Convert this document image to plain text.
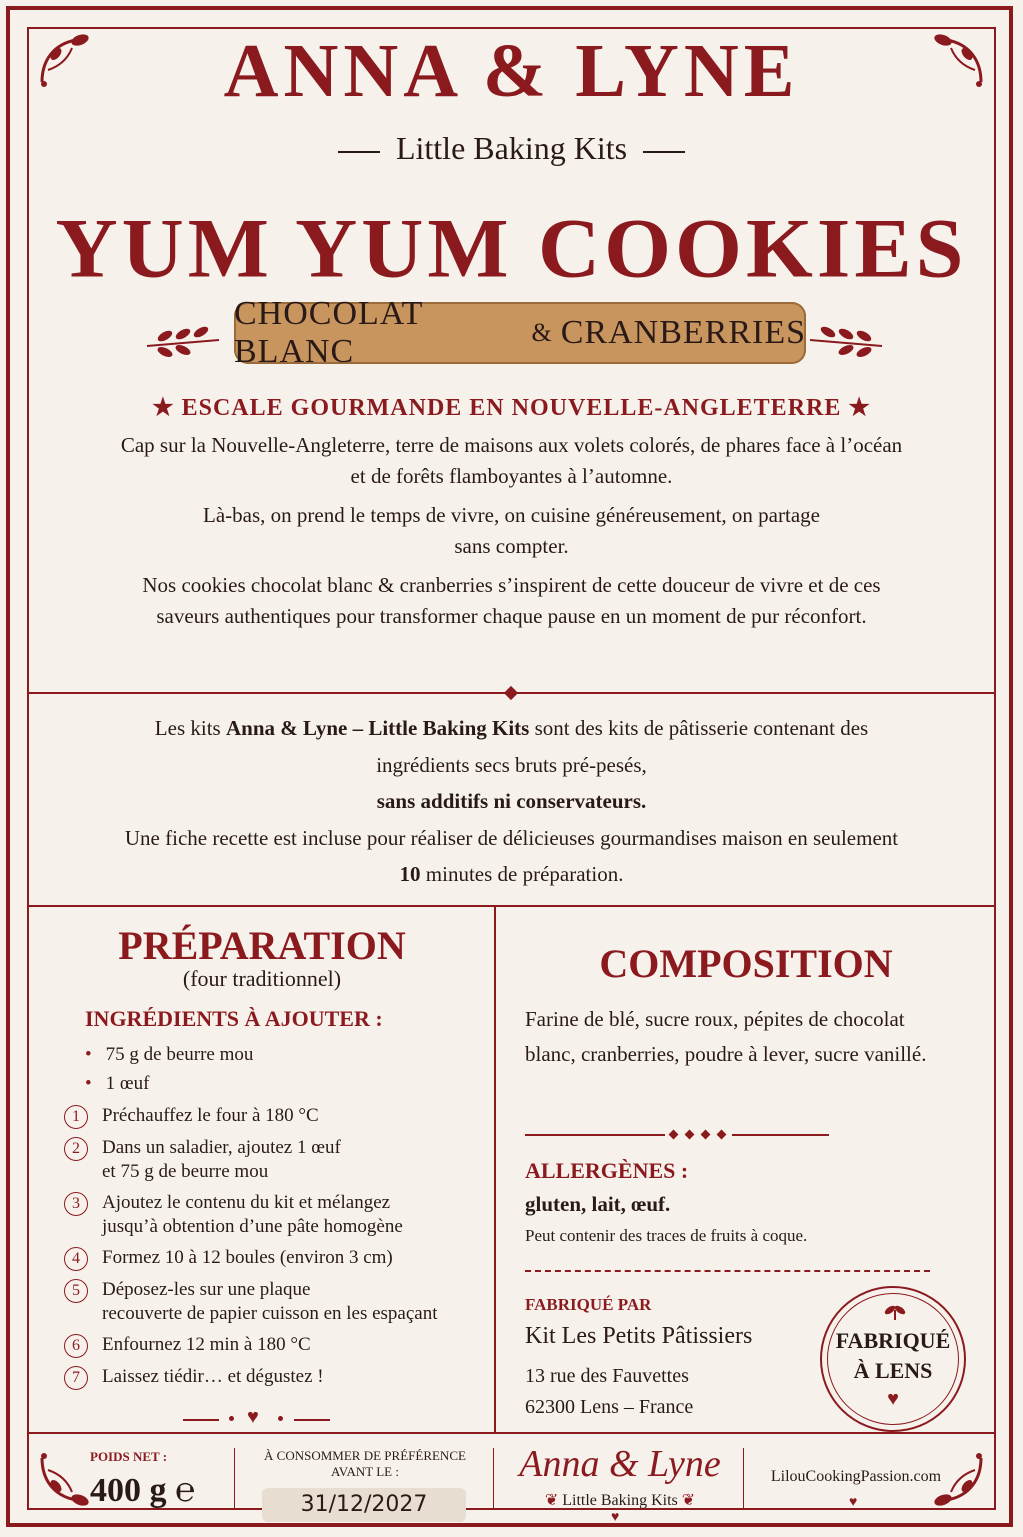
ANNA & LYNE
Little Baking Kits
YUM YUM COOKIES
CHOCOLAT BLANC
& CRANBERRIES
★ ESCALE GOURMANDE EN NOUVELLE-ANGLETERRE ★

Cap sur la Nouvelle-Angleterre, terre de maisons aux volets colorés, de phares face à l’océan et de forêts flamboyantes à l’automne.

Là-bas, on prend le temps de vivre, on cuisine généreusement, on partage sans compter.

Nos cookies chocolat blanc & cranberries s’inspirent de cette douceur de vivre et de ces saveurs authentiques pour transformer chaque pause en un moment de pur réconfort.

Les kits Anna & Lyne – Little Baking Kits sont des kits de pâtisserie contenant des ingrédients secs bruts pré-pesés,
sans additifs ni conservateurs.
Une fiche recette est incluse pour réaliser de délicieuses gourmandises maison en seulement 10 minutes de préparation.
PRÉPARATION
(four traditionnel)
INGRÉDIENTS À AJOUTER :
• 75 g de beurre mou
• 1 œuf
1	Préchauffez le four à 180 °C
2	Dans un saladier, ajoutez 1 œuf
et 75 g de beurre mou
3	Ajoutez le contenu du kit et mélangez
jusqu’à obtention d’une pâte homogène
4	Formez 10 à 12 boules (environ 3 cm)
5	Déposez-les sur une plaque
recouverte de papier cuisson en les espaçant
6	Enfournez 12 min à 180 °C
7	Laissez tiédir… et dégustez !
♥
COMPOSITION
Farine de blé, sucre roux, pépites de chocolat blanc, cranberries, poudre à lever, sucre vanillé.
ALLERGÈNES :
gluten, lait, œuf.
Peut contenir des traces de fruits à coque.
FABRIQUÉ PAR
Kit Les Petits Pâtissiers
13 rue des Fauvettes
62300 Lens – France
FABRIQUÉ
À LENS
♥
POIDS NET :
400 g ℮
À CONSOMMER DE PRÉFÉRENCE AVANT LE :
31/12/2027
Anna & Lyne
❦ Little Baking Kits ❦
♥
LilouCookingPassion.com
♥
